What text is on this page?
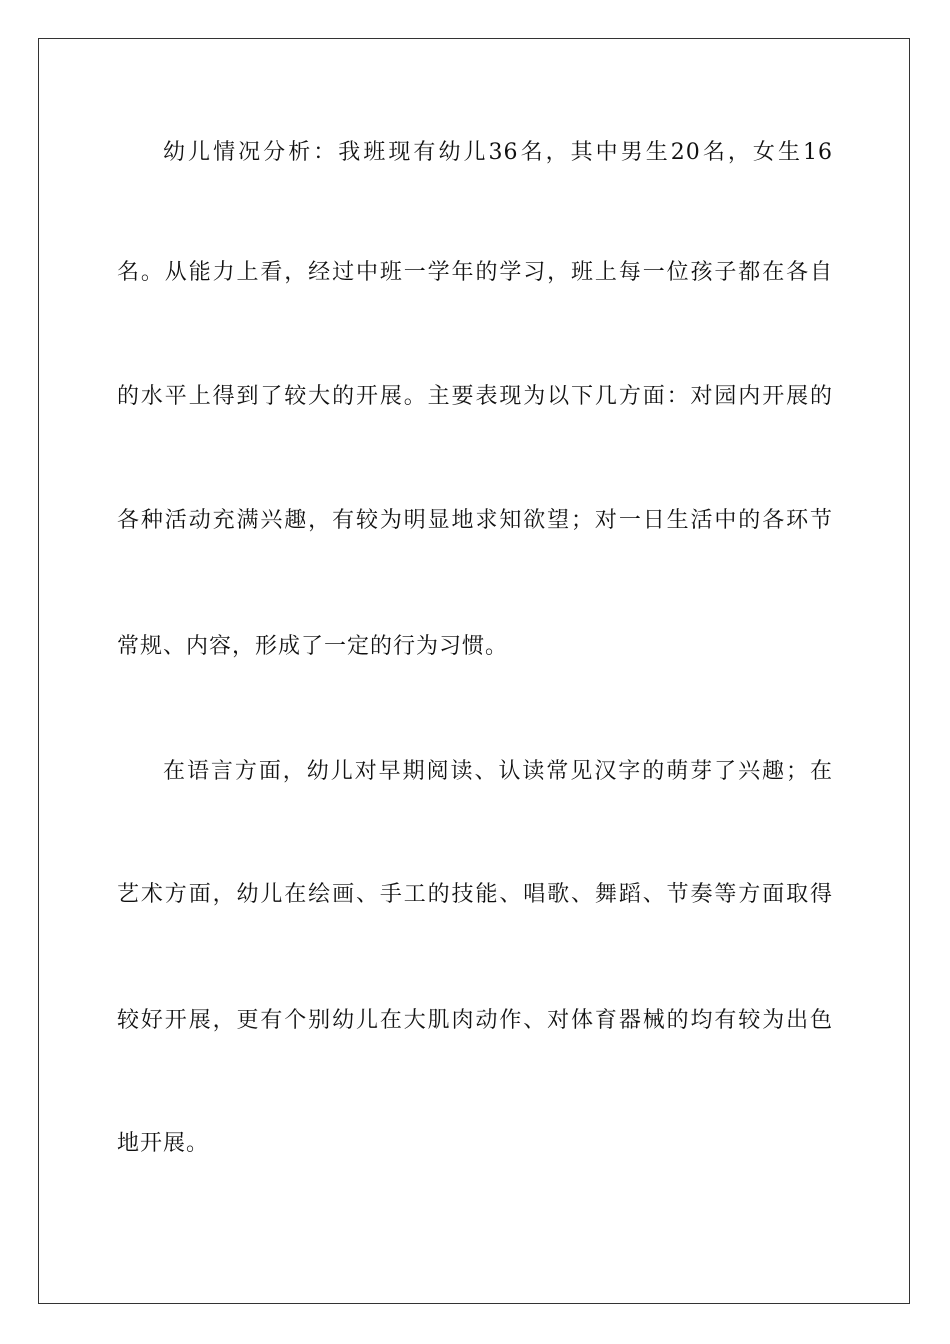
幼儿情况分析：我班现有幼儿36名，其中男生20名，女生16
名。从能力上看，经过中班一学年的学习，班上每一位孩子都在各自
的水平上得到了较大的开展。主要表现为以下几方面：对园内开展的
各种活动充满兴趣，有较为明显地求知欲望；对一日生活中的各环节
常规、内容，形成了一定的行为习惯。
在语言方面，幼儿对早期阅读、认读常见汉字的萌芽了兴趣；在
艺术方面，幼儿在绘画、手工的技能、唱歌、舞蹈、节奏等方面取得
较好开展，更有个别幼儿在大肌肉动作、对体育器械的均有较为出色
地开展。
